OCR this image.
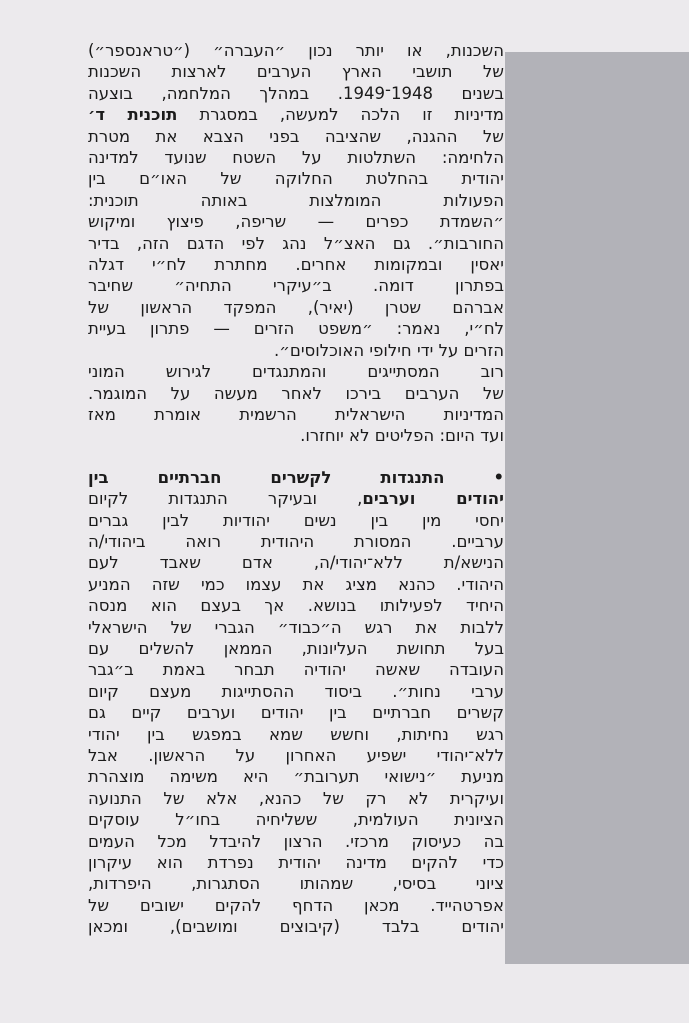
השכנות, או יותר נכון ״העברה״ (״טראנספר״)
של תושבי הארץ הערבים לארצות השכנות
בשנים 1948־1949. במהלך המלחמה, בוצעה
מדיניות זו הלכה למעשה, במסגרת תוכנית ד׳
של ההגנה, שהציבה בפני הצבא את מטרת
הלחימה: השתלטות על השטח שנועד למדינה
יהודית בהחלטת החלוקה של האו״ם בין
הפעולות המומלצות באותה תוכנית:
״השמדת כפרים — שריפה, פיצוץ ומיקוש
החורבות״. גם האצ״ל נהג לפי הדגם הזה, בדיר
יאסין ובמקומות אחרים. מחתרת לח״י דגלה
בפתרון דומה. ב״עיקרי התחיה״ שחיבר
אברהם שטרן (יאיר), המפקד הראשון של
לח״י, נאמר: ״משפט הזרים — פתרון בעיית
הזרים על ידי חילופי האוכלוסים״.
רוב המסתייגים והמתנגדים לגירוש המוני
של הערבים בירכו לאחר מעשה על המוגמר.
המדיניות הישראלית הרשמית אומרת מאז
ועד היום: הפליטים לא יוחזרו.
• התנגדות לקשרים חברתיים בין
יהודים וערבים, ובעיקר התנגדות לקיום
יחסי מין בין נשים יהודיות לבין גברים
ערביים. המסורת היהודית רואה ביהודי/ה
הנישא/ת ללא־יהודי/ה, אדם שאבד לעם
היהודי. כהנא מציג את עצמו כמי שזה המניע
היחיד לפעילותו בנושא. אך בעצם הוא מנסה
ללבות את רגש ה״כבוד״ הגברי של הישראלי
בעל תחושת העליונות, הממאן להשלים עם
העובדה שאשה יהודיה תבחר באמת ב״גבר
ערבי נחות״. ביסוד ההסתייגות מעצם קיום
קשרים חברתיים בין יהודים וערבים קיים גם
רגש נחיתות, וחשש שמא במפגש בין יהודי
ללא־יהודי ישפיע האחרון על הראשון. אבל
מניעת ״נישואי תערובת״ היא משימה מוצהרת
ועיקרית לא רק של כהנא, אלא של התנועה
הציונית העולמית, ששליחיה בחו״ל עוסקים
בה כעיסוק מרכזי. הרצון להיבדל מכל העמים
כדי להקים מדינה יהודית נפרדת הוא עיקרון
ציוני בסיסי, שמהותו הסתגרות, היפרדות,
אפרטהייד. מכאן הדחף להקים ישובים של
יהודים בלבד (קיבוצים ומושבים), ומכאן
